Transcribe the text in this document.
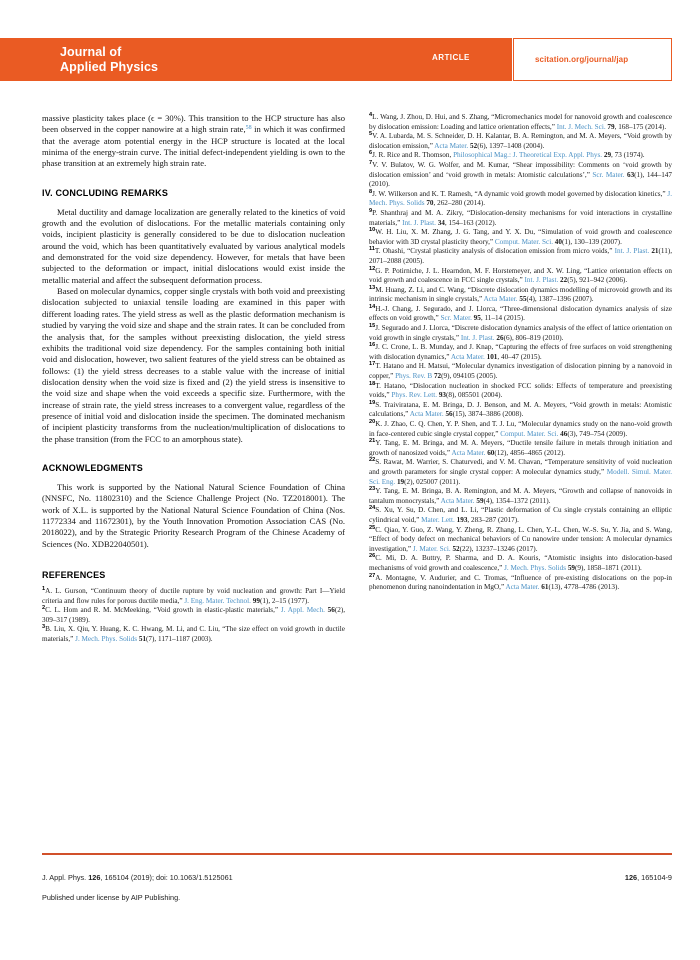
Journal of
Applied Physics
ARTICLE	scitation.org/journal/jap

massive plasticity takes place (ϵ = 30%). This transition to the HCP structure has also been observed in the copper nanowire at a high strain rate,$^{58}$ in which it was confirmed that the average atom potential energy in the HCP structure is located at the local minima of the energy-strain curve. The initial defect-independent yielding is own to the phase transition at an extremely high strain rate.

IV. CONCLUDING REMARKS

Metal ductility and damage localization are generally related to the kinetics of void growth and the evolution of dislocations. For the metallic materials containing only voids, incipient plasticity is generally considered to be due to dislocation nucleation around the void, which has been quantitatively evaluated by various analytical models and demonstrated for the void size dependency. However, for metals that have been subjected to the deformation or impact, initial dislocations would exist inside the metallic material and affect the subsequent deformation process.

Based on molecular dynamics, copper single crystals with both void and preexisting dislocation subjected to uniaxial tensile loading are examined in this paper with different loading rates. The yield stress as well as the plastic deformation mechanism is studied by varying the void size and shape and the strain rates. It can be concluded from the analysis that, for the samples without preexisting dislocation, the yield stress exhibits the traditional void size dependency. For the samples containing both initial void and dislocation, however, two salient features of the yield stress can be obtained as follows: (1) the yield stress decreases to a stable value with the increase of initial dislocation density when the void size is fixed and (2) the yield stress is insensitive to the void size and shape when the void exceeds a specific size. Furthermore, with the increase of strain rate, the yield stress increases to a convergent value, regardless of the presence of initial void and dislocation inside the specimen. The dominated mechanism of incipient plasticity transforms from the nucleation/multiplication of dislocations to the phase transition (from the FCC to an amorphous state).

ACKNOWLEDGMENTS

This work is supported by the National Natural Science Foundation of China (NNSFC, No. 11802310) and the Science Challenge Project (No. TZ2018001). The work of X.L. is supported by the National Natural Science Foundation of China (Nos. 11772334 and 11672301), by the Youth Innovation Promotion Association CAS (No. 2018022), and by the Strategic Priority Research Program of the Chinese Academy of Sciences (No. XDB22040501).

REFERENCES

$^1$A. L. Gurson, “Continuum theory of ductile rupture by void nucleation and growth: Part I—Yield criteria and flow rules for porous ductile media,” J. Eng. Mater. Technol. 99(1), 2–15 (1977).

$^2$C. L. Hom and R. M. McMeeking, “Void growth in elastic-plastic materials,” J. Appl. Mech. 56(2), 309–317 (1989).

$^3$B. Liu, X. Qiu, Y. Huang, K. C. Hwang, M. Li, and C. Liu, “The size effect on void growth in ductile materials,” J. Mech. Phys. Solids 51(7), 1171–1187 (2003).

$^4$L. Wang, J. Zhou, D. Hui, and S. Zhang, “Micromechanics model for nanovoid growth and coalescence by dislocation emission: Loading and lattice orientation effects,” Int. J. Mech. Sci. 79, 168–175 (2014).

$^5$V. A. Lubarda, M. S. Schneider, D. H. Kalantar, B. A. Remington, and M. A. Meyers, “Void growth by dislocation emission,” Acta Mater. 52(6), 1397–1408 (2004).

$^6$J. R. Rice and R. Thomson, Philosophical Mag.: J. Theoretical Exp. Appl. Phys. 29, 73 (1974).

$^7$V. V. Bulatov, W. G. Wolfer, and M. Kumar, “Shear impossibility: Comments on ‘void growth by dislocation emission’ and ‘void growth in metals: Atomistic calculations’,” Scr. Mater. 63(1), 144–147 (2010).

$^8$J. W. Wilkerson and K. T. Ramesh, “A dynamic void growth model governed by dislocation kinetics,” J. Mech. Phys. Solids 70, 262–280 (2014).

$^9$P. Shanthraj and M. A. Zikry, “Dislocation-density mechanisms for void interactions in crystalline materials,” Int. J. Plast. 34, 154–163 (2012).

$^{10}$W. H. Liu, X. M. Zhang, J. G. Tang, and Y. X. Du, “Simulation of void growth and coalescence behavior with 3D crystal plasticity theory,” Comput. Mater. Sci. 40(1), 130–139 (2007).

$^{11}$T. Ohashi, “Crystal plasticity analysis of dislocation emission from micro voids,” Int. J. Plast. 21(11), 2071–2088 (2005).

$^{12}$G. P. Potirniche, J. L. Hearndon, M. F. Horstemeyer, and X. W. Ling, “Lattice orientation effects on void growth and coalescence in FCC single crystals,” Int. J. Plast. 22(5), 921–942 (2006).

$^{13}$M. Huang, Z. Li, and C. Wang, “Discrete dislocation dynamics modelling of microvoid growth and its intrinsic mechanism in single crystals,” Acta Mater. 55(4), 1387–1396 (2007).

$^{14}$H.-J. Chang, J. Segurado, and J. Llorca, “Three-dimensional dislocation dynamics analysis of size effects on void growth,” Scr. Mater. 95, 11–14 (2015).

$^{15}$J. Segurado and J. Llorca, “Discrete dislocation dynamics analysis of the effect of lattice orientation on void growth in single crystals,” Int. J. Plast. 26(6), 806–819 (2010).

$^{16}$J. C. Crone, L. B. Munday, and J. Knap, “Capturing the effects of free surfaces on void strengthening with dislocation dynamics,” Acta Mater. 101, 40–47 (2015).

$^{17}$T. Hatano and H. Matsui, “Molecular dynamics investigation of dislocation pinning by a nanovoid in copper,” Phys. Rev. B 72(9), 094105 (2005).

$^{18}$T. Hatano, “Dislocation nucleation in shocked FCC solids: Effects of temperature and preexisting voids,” Phys. Rev. Lett. 93(8), 085501 (2004).

$^{19}$S. Traiviratana, E. M. Bringa, D. J. Benson, and M. A. Meyers, “Void growth in metals: Atomistic calculations,” Acta Mater. 56(15), 3874–3886 (2008).

$^{20}$K. J. Zhao, C. Q. Chen, Y. P. Shen, and T. J. Lu, “Molecular dynamics study on the nano-void growth in face-centered cubic single crystal copper,” Comput. Mater. Sci. 46(3), 749–754 (2009).

$^{21}$Y. Tang, E. M. Bringa, and M. A. Meyers, “Ductile tensile failure in metals through initiation and growth of nanosized voids,” Acta Mater. 60(12), 4856–4865 (2012).

$^{22}$S. Rawat, M. Warrier, S. Chaturvedi, and V. M. Chavan, “Temperature sensitivity of void nucleation and growth parameters for single crystal copper: A molecular dynamics study,” Modell. Simul. Mater. Sci. Eng. 19(2), 025007 (2011).

$^{23}$Y. Tang, E. M. Bringa, B. A. Remington, and M. A. Meyers, “Growth and collapse of nanovoids in tantalum monocrystals,” Acta Mater. 59(4), 1354–1372 (2011).

$^{24}$S. Xu, Y. Su, D. Chen, and L. Li, “Plastic deformation of Cu single crystals containing an elliptic cylindrical void,” Mater. Lett. 193, 283–287 (2017).

$^{25}$C. Qiao, Y. Guo, Z. Wang, Y. Zheng, R. Zhang, L. Chen, Y.-L. Chen, W.-S. Su, Y. Jia, and S. Wang, “Effect of body defect on mechanical behaviors of Cu nanowire under tension: A molecular dynamics investigation,” J. Mater. Sci. 52(22), 13237–13246 (2017).

$^{26}$C. Mi, D. A. Buttry, P. Sharma, and D. A. Kouris, “Atomistic insights into dislocation-based mechanisms of void growth and coalescence,” J. Mech. Phys. Solids 59(9), 1858–1871 (2011).

$^{27}$A. Montagne, V. Audurier, and C. Tromas, “Influence of pre-existing dislocations on the pop-in phenomenon during nanoindentation in MgO,” Acta Mater. 61(13), 4778–4786 (2013).

J. Appl. Phys. 126, 165104 (2019); doi: 10.1063/1.5125061	126, 165104-9
Published under license by AIP Publishing.
